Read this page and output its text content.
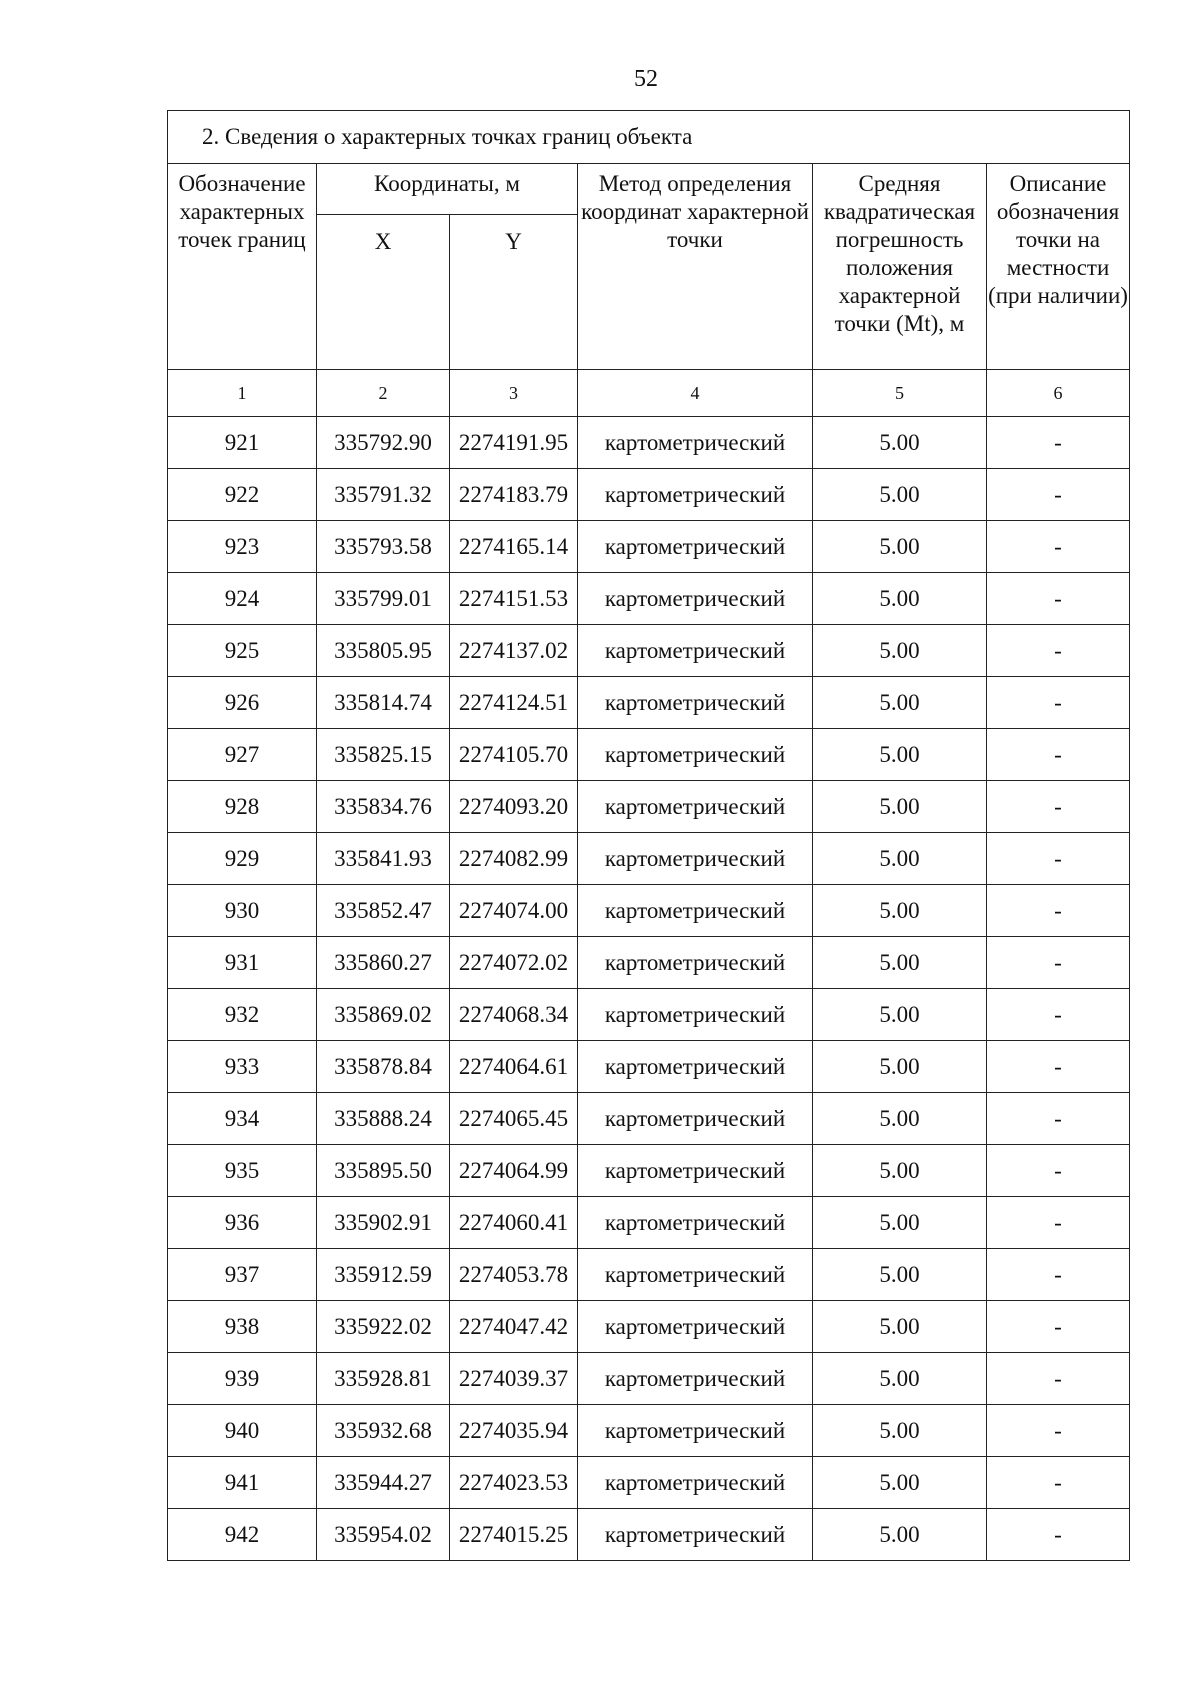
52
2. Сведения о характерных точках границ объекта					
Обозначение характерных точек границ	Координаты, м		Метод определения координат характерной точки	Средняя квадратическая погрешность положения характерной точки (Mt), м	Описание обозначения точки на местности (при наличии)
	X	Y			
1	2	3	4	5	6
921	335792.90	2274191.95	картометрический	5.00	-
922	335791.32	2274183.79	картометрический	5.00	-
923	335793.58	2274165.14	картометрический	5.00	-
924	335799.01	2274151.53	картометрический	5.00	-
925	335805.95	2274137.02	картометрический	5.00	-
926	335814.74	2274124.51	картометрический	5.00	-
927	335825.15	2274105.70	картометрический	5.00	-
928	335834.76	2274093.20	картометрический	5.00	-
929	335841.93	2274082.99	картометрический	5.00	-
930	335852.47	2274074.00	картометрический	5.00	-
931	335860.27	2274072.02	картометрический	5.00	-
932	335869.02	2274068.34	картометрический	5.00	-
933	335878.84	2274064.61	картометрический	5.00	-
934	335888.24	2274065.45	картометрический	5.00	-
935	335895.50	2274064.99	картометрический	5.00	-
936	335902.91	2274060.41	картометрический	5.00	-
937	335912.59	2274053.78	картометрический	5.00	-
938	335922.02	2274047.42	картометрический	5.00	-
939	335928.81	2274039.37	картометрический	5.00	-
940	335932.68	2274035.94	картометрический	5.00	-
941	335944.27	2274023.53	картометрический	5.00	-
942	335954.02	2274015.25	картометрический	5.00	-
